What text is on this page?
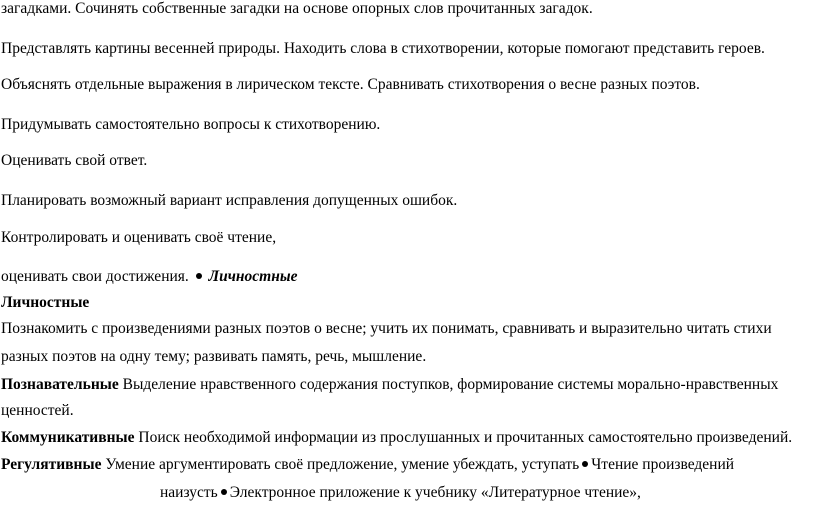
загадками. Сочинять собственные загадки на основе опорных слов прочитанных загадок.
Представлять картины весенней природы. Находить слова в стихотворении, которые помогают представить героев.
Объяснять отдельные выражения в лирическом тексте. Сравнивать стихотворения о весне разных поэтов.
Придумывать самостоятельно вопросы к стихотворению.
Оценивать свой ответ.
Планировать возможный вариант исправления допущенных ошибок.
Контролировать и оценивать своё чтение,
оценивать свои достижения. Личностные
Личностные
Познакомить с произведениями разных поэтов о весне; учить их понимать, сравнивать и выразительно читать стихи
разных поэтов на одну тему; развивать память, речь, мышление.
Познавательные Выделение нравственного содержания поступков, формирование системы морально-нравственных
ценностей.
Коммуникативные Поиск необходимой информации из прослушанных и прочитанных самостоятельно произведений.
Регулятивные Умение аргументировать своё предложение, умение убеждать, уступать Чтение произведений
наизусть Электронное приложение к учебнику «Литературное чтение»,
